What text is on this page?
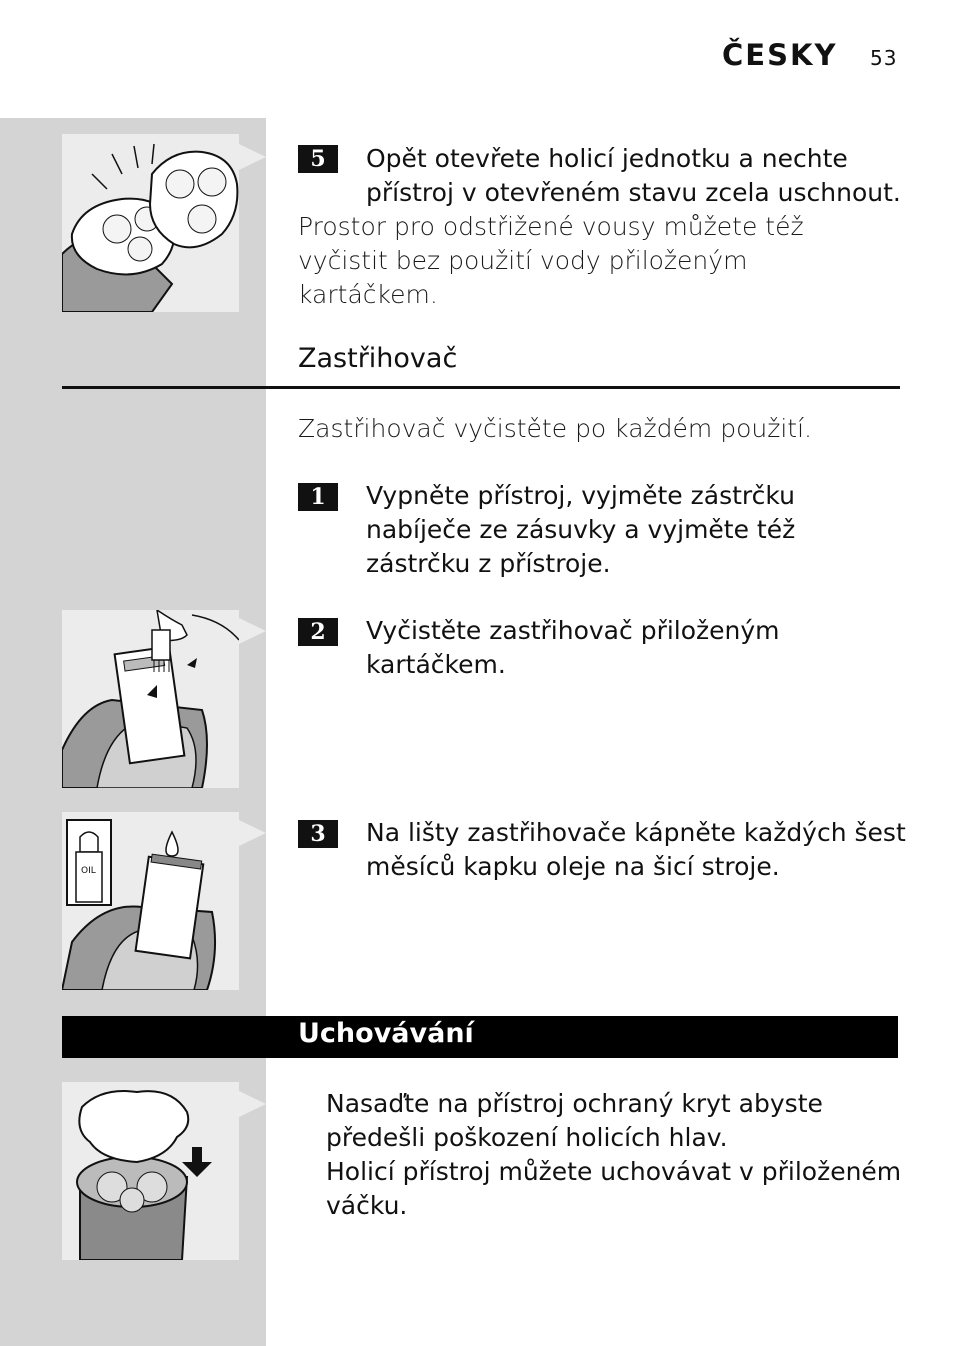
ČESKY 53
5	Opět otevřete holicí jednotku a nechte přístroj v otevřeném stavu zcela uschnout.
Prostor pro odstřižené vousy můžete též vyčistit bez použití vody přiloženým kartáčkem.
Zastřihovač
Zastřihovač vyčistěte po každém použití.
1	Vypněte přístroj, vyjměte zástrčku nabíječe ze zásuvky a vyjměte též zástrčku z přístroje.
2	Vyčistěte zastřihovač přiloženým kartáčkem.
OIL
3	Na lišty zastřihovače kápněte každých šest měsíců kapku oleje na šicí stroje.
Uchovávání
Nasaďte na přístroj ochraný kryt abyste předešli poškození holicích hlav.
Holicí přístroj můžete uchovávat v přiloženém váčku.
